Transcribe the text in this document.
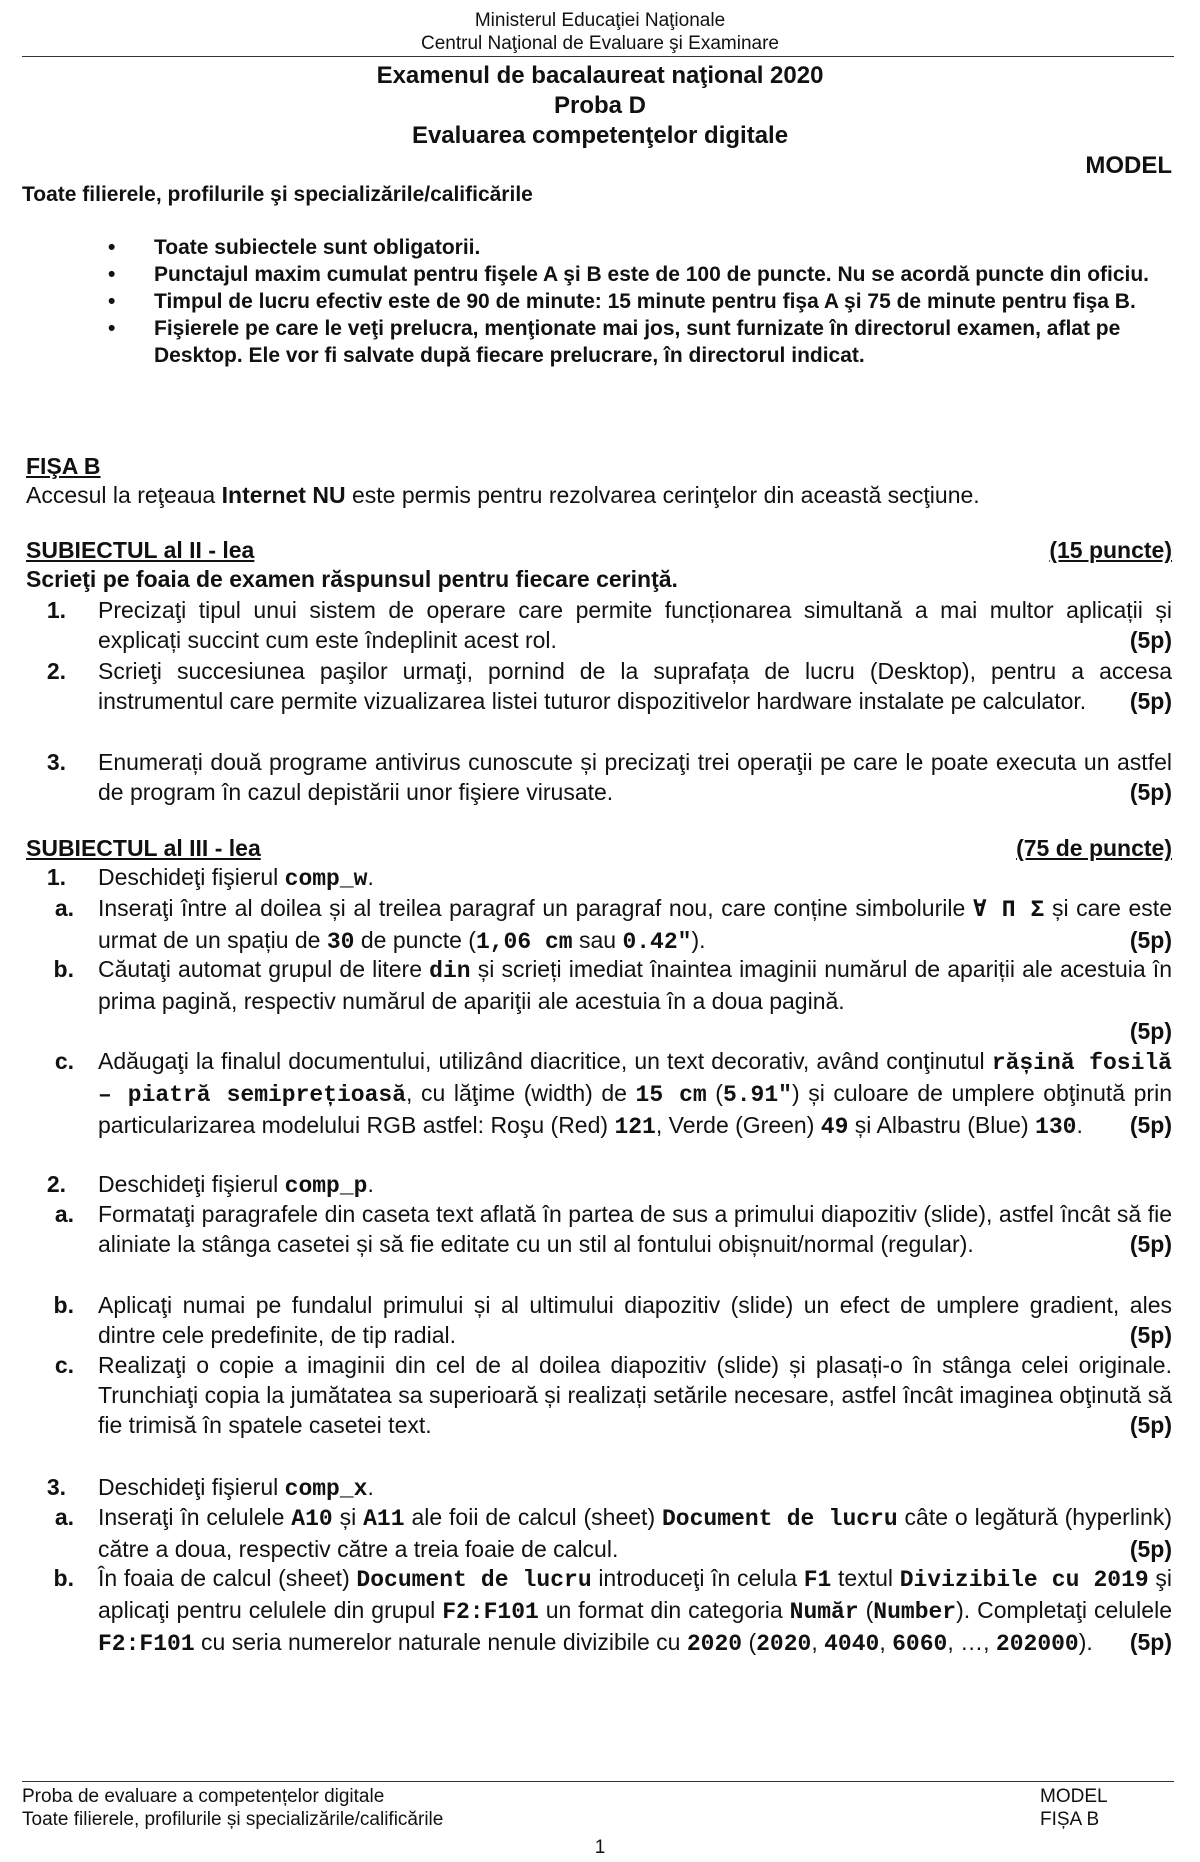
Ministerul Educaţiei Naţionale
Centrul Naţional de Evaluare şi Examinare
Examenul de bacalaureat naţional 2020
Proba D
Evaluarea competenţelor digitale
MODEL
Toate filierele, profilurile şi specializările/calificările
• Toate subiectele sunt obligatorii.
• Punctajul maxim cumulat pentru fişele A şi B este de 100 de puncte. Nu se acordă puncte din oficiu.
• Timpul de lucru efectiv este de 90 de minute: 15 minute pentru fişa A şi 75 de minute pentru fişa B.
• Fişierele pe care le veţi prelucra, menţionate mai jos, sunt furnizate în directorul examen, aflat pe Desktop. Ele vor fi salvate după fiecare prelucrare, în directorul indicat.
FIŞA B
Accesul la reţeaua Internet NU este permis pentru rezolvarea cerinţelor din această secţiune.
SUBIECTUL al II - lea	(15 puncte)
Scrieţi pe foaia de examen răspunsul pentru fiecare cerinţă.
1. Precizaţi tipul unui sistem de operare care permite funcționarea simultană a mai multor aplicații și explicați succint cum este îndeplinit acest rol.	(5p)
2. Scrieţi succesiunea paşilor urmaţi, pornind de la suprafața de lucru (Desktop), pentru a accesa instrumentul care permite vizualizarea listei tuturor dispozitivelor hardware instalate pe calculator. (5p)
3. Enumerați două programe antivirus cunoscute și precizaţi trei operaţii pe care le poate executa un astfel de program în cazul depistării unor fişiere virusate.	(5p)
SUBIECTUL al III - lea	(75 de puncte)
1. Deschideţi fişierul comp_w.
a. Inseraţi între al doilea și al treilea paragraf un paragraf nou, care conține simbolurile ∀ Π Σ și care este urmat de un spațiu de 30 de puncte (1,06 cm sau 0.42″).	(5p)
b. Căutaţi automat grupul de litere din și scrieți imediat înaintea imaginii numărul de apariții ale acestuia în prima pagină, respectiv numărul de apariţii ale acestuia în a doua pagină.
(5p)
c. Adăugaţi la finalul documentului, utilizând diacritice, un text decorativ, având conţinutul rășină fosilă – piatră semiprețioasă, cu lăţime (width) de 15 cm (5.91″) și culoare de umplere obţinută prin particularizarea modelului RGB astfel: Roşu (Red) 121, Verde (Green) 49 și Albastru (Blue) 130. (5p)
2. Deschideţi fişierul comp_p.
a. Formataţi paragrafele din caseta text aflată în partea de sus a primului diapozitiv (slide), astfel încât să fie aliniate la stânga casetei și să fie editate cu un stil al fontului obișnuit/normal (regular).	(5p)
b. Aplicaţi numai pe fundalul primului și al ultimului diapozitiv (slide) un efect de umplere gradient, ales dintre cele predefinite, de tip radial.	(5p)
c. Realizaţi o copie a imaginii din cel de al doilea diapozitiv (slide) și plasați-o în stânga celei originale. Trunchiaţi copia la jumătatea sa superioară și realizați setările necesare, astfel încât imaginea obţinută să fie trimisă în spatele casetei text.	(5p)
3. Deschideţi fişierul comp_x.
a. Inseraţi în celulele A10 și A11 ale foii de calcul (sheet) Document de lucru câte o legătură (hyperlink) către a doua, respectiv către a treia foaie de calcul.	(5p)
b. În foaia de calcul (sheet) Document de lucru introduceţi în celula F1 textul Divizibile cu 2019 şi aplicaţi pentru celulele din grupul F2:F101 un format din categoria Număr (Number). Completaţi celulele F2:F101 cu seria numerelor naturale nenule divizibile cu 2020 (2020, 4040, 6060, …, 202000). (5p)
Proba de evaluare a competențelor digitale
Toate filierele, profilurile și specializările/calificările
MODEL
FIȘA B
1
